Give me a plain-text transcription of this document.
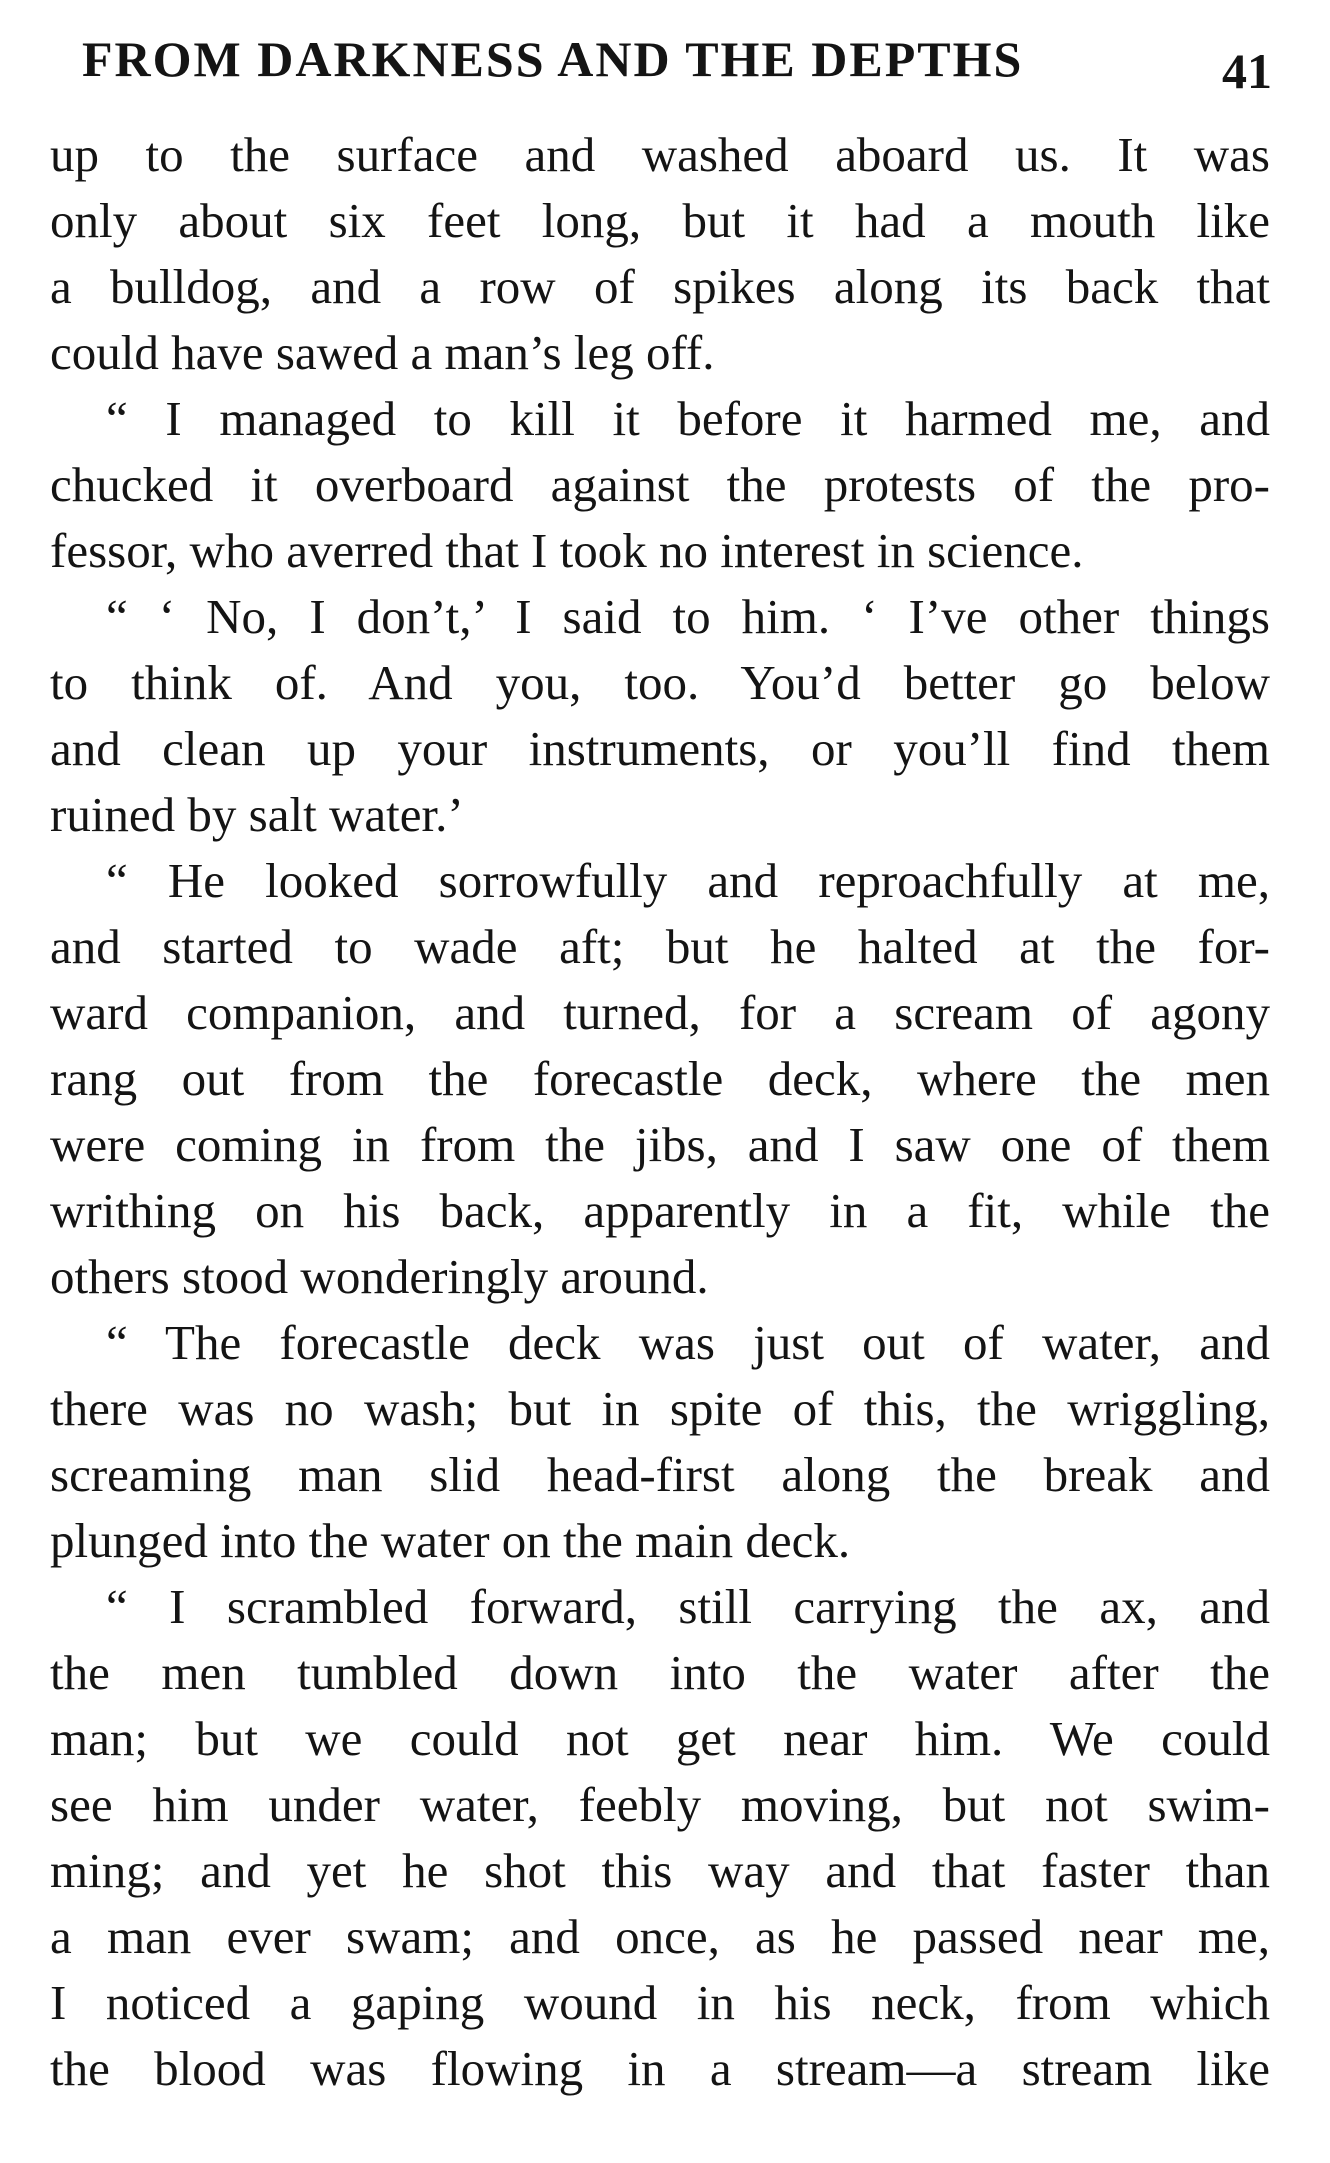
FROM DARKNESS AND THE DEPTHS	41
up to the surface and washed aboard us. It was
only about six feet long, but it had a mouth like
a bulldog, and a row of spikes along its back that
could have sawed a man’s leg off.
“ I managed to kill it before it harmed me, and
chucked it overboard against the protests of the pro-
fessor, who averred that I took no interest in science.
“ ‘ No, I don’t,’ I said to him. ‘ I’ve other things
to think of. And you, too. You’d better go below
and clean up your instruments, or you’ll find them
ruined by salt water.’
“ He looked sorrowfully and reproachfully at me,
and started to wade aft; but he halted at the for-
ward companion, and turned, for a scream of agony
rang out from the forecastle deck, where the men
were coming in from the jibs, and I saw one of them
writhing on his back, apparently in a fit, while the
others stood wonderingly around.
“ The forecastle deck was just out of water, and
there was no wash; but in spite of this, the wriggling,
screaming man slid head-first along the break and
plunged into the water on the main deck.
“ I scrambled forward, still carrying the ax, and
the men tumbled down into the water after the
man; but we could not get near him. We could
see him under water, feebly moving, but not swim-
ming; and yet he shot this way and that faster than
a man ever swam; and once, as he passed near me,
I noticed a gaping wound in his neck, from which
the blood was flowing in a stream—a stream like
